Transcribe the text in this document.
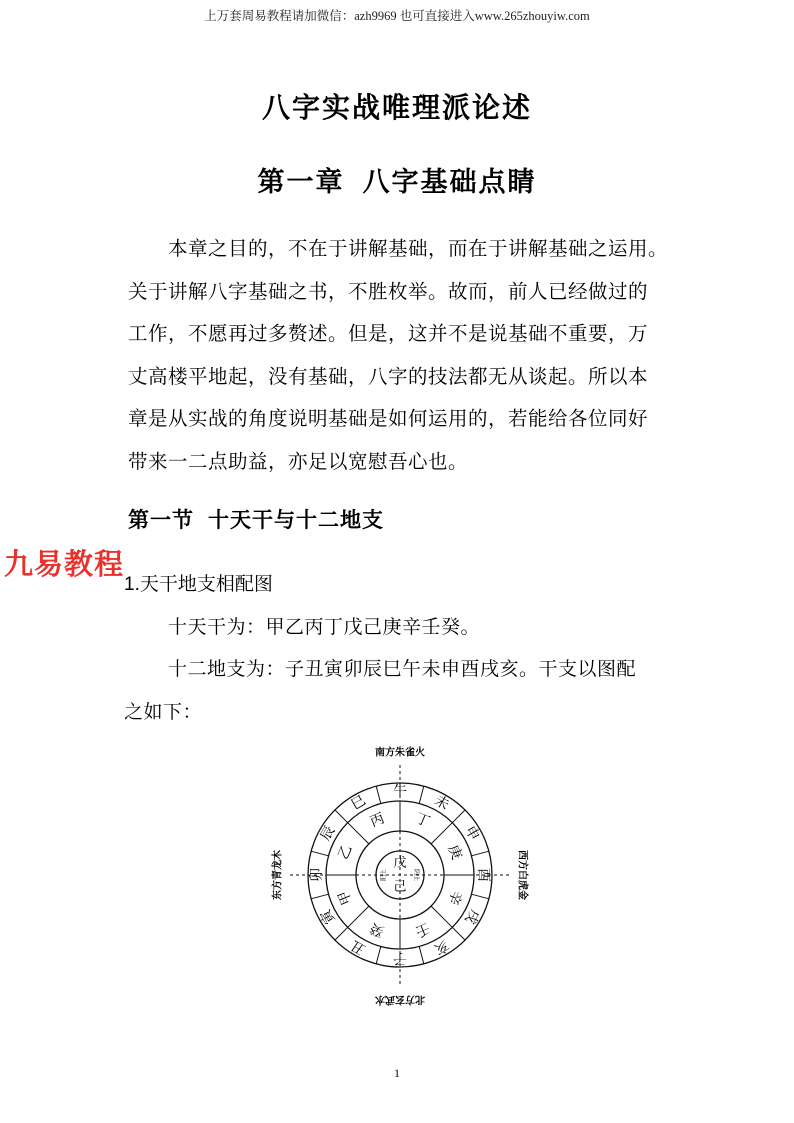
上万套周易教程请加微信：azh9969 也可直接进入www.265zhouyiw.com
八字实战唯理派论述
第一章 八字基础点睛
　　本章之目的，不在于讲解基础，而在于讲解基础之运用。
关于讲解八字基础之书，不胜枚举。故而，前人已经做过的
工作，不愿再过多赘述。但是，这并不是说基础不重要，万
丈高楼平地起，没有基础，八字的技法都无从谈起。所以本
章是从实战的角度说明基础是如何运用的，若能给各位同好
带来一二点助益，亦足以宽慰吾心也。
第一节 十天干与十二地支
九易教程
1.天干地支相配图
十天干为：甲乙丙丁戊己庚辛壬癸。
十二地支为：子丑寅卯辰巳午未申酉戌亥。干支以图配
之如下：
午
未
申
酉
戌
亥
子
丑
寅
卯
辰
巳
丁
庚
辛
壬
癸
甲
乙
丙
南方朱雀火
北方玄武水
西方白虎金
东方青龙木	戊
己
阳土	阴土
1
